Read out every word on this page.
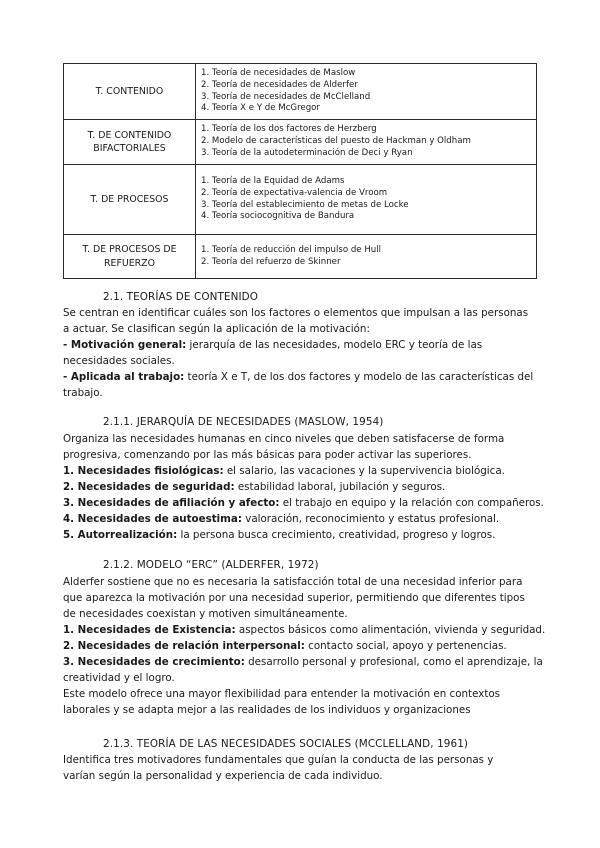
T. CONTENIDO	1. Teoría de necesidades de Maslow
2. Teoría de necesidades de Alderfer
3. Teoría de necesidades de McClelland
4. Teoría X e Y de McGregor

T. DE CONTENIDO BIFACTORIALES	1. Teoría de los dos factores de Herzberg
2. Modelo de características del puesto de Hackman y Oldham
3. Teoría de la autodeterminación de Deci y Ryan

T. DE PROCESOS	1. Teoría de la Equidad de Adams
2. Teoría de expectativa-valencia de Vroom
3. Teoría del establecimiento de metas de Locke
4. Teoría sociocognitiva de Bandura

T. DE PROCESOS DE REFUERZO	1. Teoría de reducción del impulso de Hull
2. Teoría del refuerzo de Skinner
2.1. TEORÍAS DE CONTENIDO
Se centran en identificar cuáles son los factores o elementos que impulsan a las personas
a actuar. Se clasifican según la aplicación de la motivación:
- Motivación general: jerarquía de las necesidades, modelo ERC y teoría de las
necesidades sociales.
- Aplicada al trabajo: teoría X e T, de los dos factores y modelo de las características del
trabajo.
2.1.1. JERARQUÍA DE NECESIDADES (MASLOW, 1954)
Organiza las necesidades humanas en cinco niveles que deben satisfacerse de forma
progresiva, comenzando por las más básicas para poder activar las superiores.
1. Necesidades fisiológicas: el salario, las vacaciones y la supervivencia biológica.
2. Necesidades de seguridad: estabilidad laboral, jubilación y seguros.
3. Necesidades de afiliación y afecto: el trabajo en equipo y la relación con compañeros.
4. Necesidades de autoestima: valoración, reconocimiento y estatus profesional.
5. Autorrealización: la persona busca crecimiento, creatividad, progreso y logros.
2.1.2. MODELO “ERC” (ALDERFER, 1972)
Alderfer sostiene que no es necesaria la satisfacción total de una necesidad inferior para
que aparezca la motivación por una necesidad superior, permitiendo que diferentes tipos
de necesidades coexistan y motiven simultáneamente.
1. Necesidades de Existencia: aspectos básicos como alimentación, vivienda y seguridad.
2. Necesidades de relación interpersonal: contacto social, apoyo y pertenencias.
3. Necesidades de crecimiento: desarrollo personal y profesional, como el aprendizaje, la
creatividad y el logro.
Este modelo ofrece una mayor flexibilidad para entender la motivación en contextos
laborales y se adapta mejor a las realidades de los individuos y organizaciones
2.1.3. TEORÍA DE LAS NECESIDADES SOCIALES (MCCLELLAND, 1961)
Identifica tres motivadores fundamentales que guían la conducta de las personas y
varían según la personalidad y experiencia de cada individuo.
